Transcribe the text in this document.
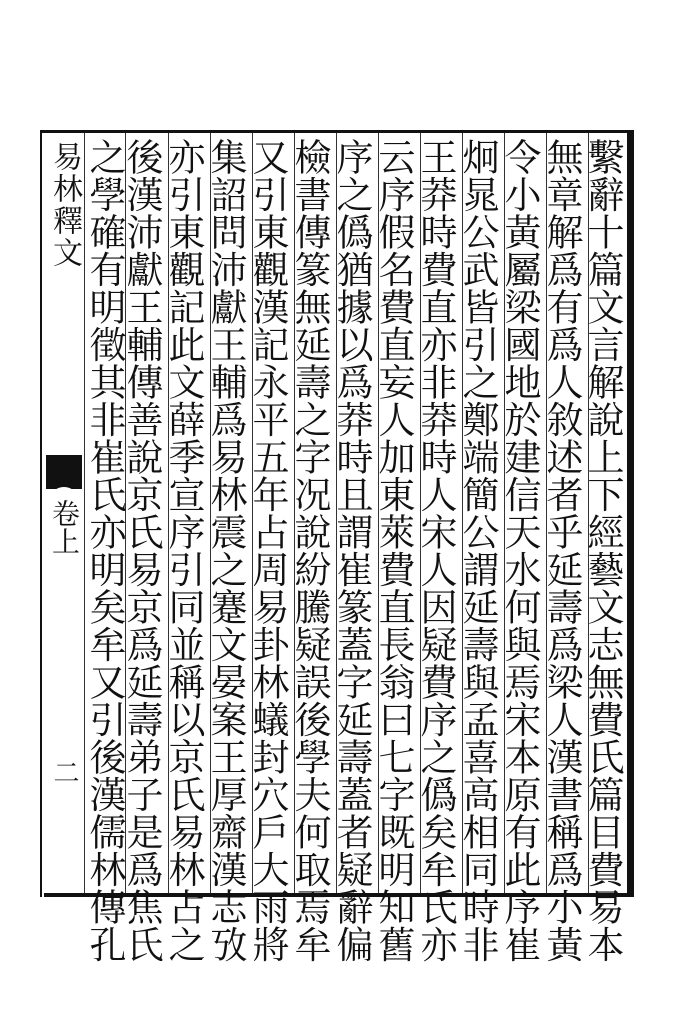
易林釋文
卷上
二	繫辭十篇文言解說上下經藝文志無費氏篇目費易本
無章解爲有爲人敘述者乎延壽爲梁人漢書稱爲小黃
令小黃屬梁國地於建信天水何與焉宋本原有此序崔
炯晁公武皆引之鄭端簡公謂延壽與孟喜高相同時非
王莽時費直亦非莽時人宋人因疑費序之僞矣牟氏亦
云序假名費直妄人加東萊費直長翁曰七字既明知舊
序之僞猶據以爲莽時且謂崔篆蓋字延壽蓋者疑辭偏
檢書傳篆無延壽之字况說紛騰疑誤後學夫何取焉牟
又引東觀漢記永平五年占周易卦林蟻封穴戶大雨將
集詔問沛獻王輔爲易林震之蹇文晏案王厚齋漢志攷
亦引東觀記此文薛季宣序引同並稱以京氏易林占之
後漢沛獻王輔傳善說京氏易京爲延壽弟子是爲焦氏
之學確有明徵其非崔氏亦明矣牟又引後漢儒林傳孔
